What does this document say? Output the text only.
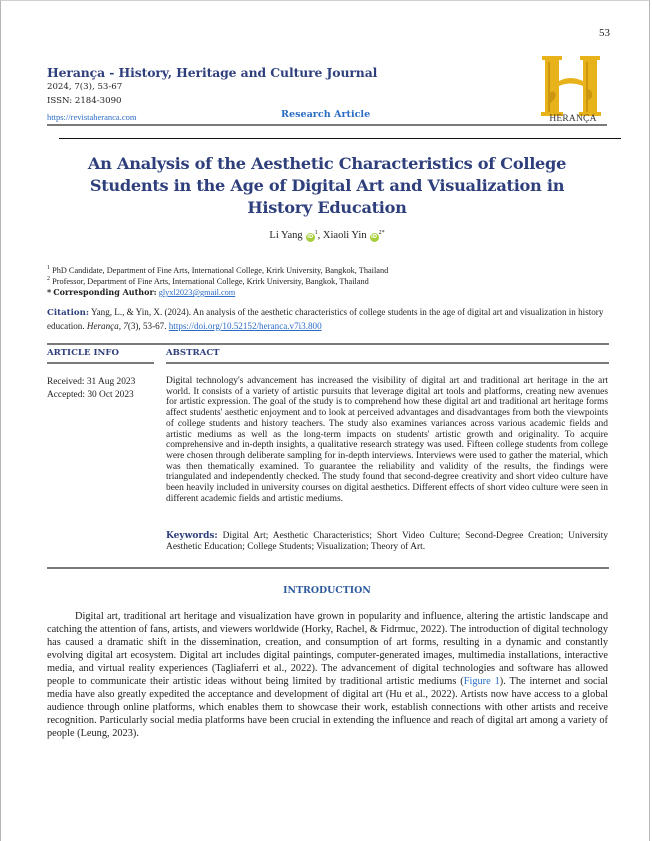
53
Herança - History, Heritage and Culture Journal
2024, 7(3), 53-67
ISSN: 2184-3090
https://revistaheranca.com	Research Article	HERANÇA
An Analysis of the Aesthetic Characteristics of College Students in the Age of Digital Art and Visualization in History Education
Li Yang $iD^1$, Xiaoli Yin $iD^{2*}$
$^1$ PhD Candidate, Department of Fine Arts, International College, Krirk University, Bangkok, Thailand
$^2$ Professor, Department of Fine Arts, International College, Krirk University, Bangkok, Thailand
* Corresponding Author: glyxl2023@gmail.com
Citation: Yang, L., & Yin, X. (2024). An analysis of the aesthetic characteristics of college students in the age of digital art and visualization in history education. Herança, 7(3), 53-67. https://doi.org/10.52152/heranca.v7i3.800
ARTICLE INFO	ABSTRACT
Received: 31 Aug 2023
Accepted: 30 Oct 2023

Digital technology's advancement has increased the visibility of digital art and traditional art heritage in the art world. It consists of a variety of artistic pursuits that leverage digital art tools and platforms, creating new avenues for artistic expression. The goal of the study is to comprehend how these digital art and traditional art heritage forms affect students' aesthetic enjoyment and to look at perceived advantages and disadvantages from both the viewpoints of college students and history teachers. The study also examines variances across various academic fields and artistic mediums as well as the long-term impacts on students' artistic growth and originality. To acquire comprehensive and in-depth insights, a qualitative research strategy was used. Fifteen college students from college were chosen through deliberate sampling for in-depth interviews. Interviews were used to gather the material, which was then thematically examined. To guarantee the reliability and validity of the results, the findings were triangulated and independently checked. The study found that second-degree creativity and short video culture have been heavily included in university courses on digital aesthetics. Different effects of short video culture were seen in different academic fields and artistic mediums.

Keywords: Digital Art; Aesthetic Characteristics; Short Video Culture; Second-Degree Creation; University Aesthetic Education; College Students; Visualization; Theory of Art.

INTRODUCTION

Digital art, traditional art heritage and visualization have grown in popularity and influence, altering the artistic landscape and catching the attention of fans, artists, and viewers worldwide (Horky, Rachel, & Fidrmuc, 2022). The introduction of digital technology has caused a dramatic shift in the dissemination, creation, and consumption of art forms, resulting in a dynamic and constantly evolving digital art ecosystem. Digital art includes digital paintings, computer-generated images, multimedia installations, interactive media, and virtual reality experiences (Tagliaferri et al., 2022). The advancement of digital technologies and software has allowed people to communicate their artistic ideas without being limited by traditional artistic mediums (Figure 1). The internet and social media have also greatly expedited the acceptance and development of digital art (Hu et al., 2022). Artists now have access to a global audience through online platforms, which enables them to showcase their work, establish connections with other artists and receive recognition. Particularly social media platforms have been crucial in extending the influence and reach of digital art among a variety of people (Leung, 2023).
